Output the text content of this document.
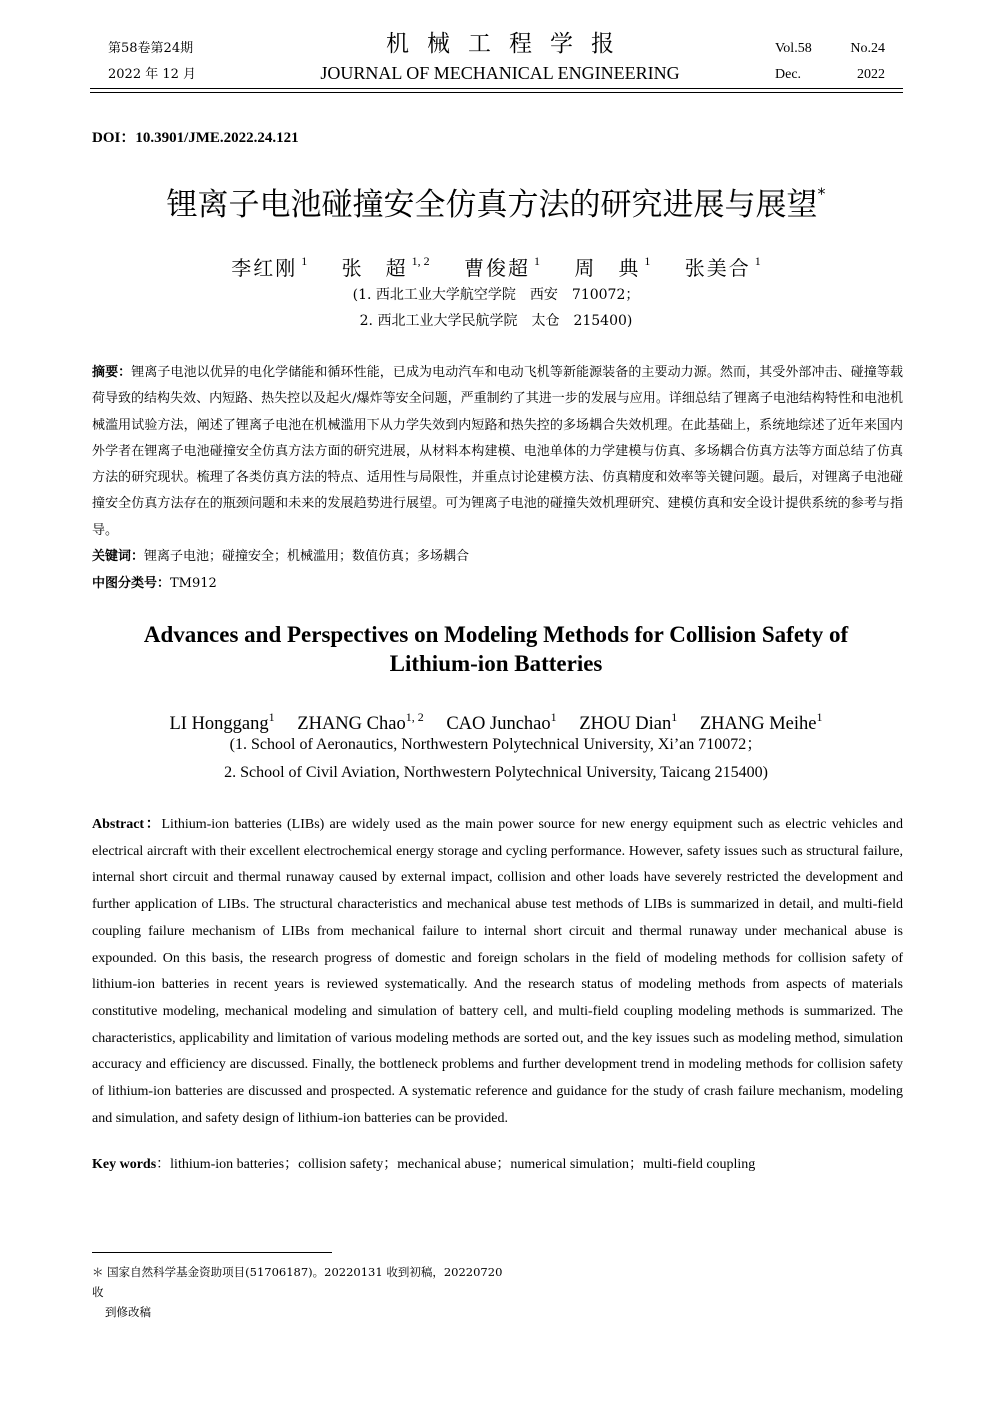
第58卷第24期
2022 年 12 月
机械工程学报
JOURNAL OF MECHANICAL ENGINEERING
Vol.58	No.24
Dec.	2022
DOI：10.3901/JME.2022.24.121
锂离子电池碰撞安全仿真方法的研究进展与展望*
李红刚 $^1$ 张　超 $^{1, 2}$ 曹俊超 $^1$ 周　典 $^1$ 张美合 $^1$
(1. 西北工业大学航空学院　西安　710072；
2. 西北工业大学民航学院　太仓　215400)
摘要：锂离子电池以优异的电化学储能和循环性能，已成为电动汽车和电动飞机等新能源装备的主要动力源。然而，其受外部冲击、碰撞等载荷导致的结构失效、内短路、热失控以及起火/爆炸等安全问题，严重制约了其进一步的发展与应用。详细总结了锂离子电池结构特性和电池机械滥用试验方法，阐述了锂离子电池在机械滥用下从力学失效到内短路和热失控的多场耦合失效机理。在此基础上，系统地综述了近年来国内外学者在锂离子电池碰撞安全仿真方法方面的研究进展，从材料本构建模、电池单体的力学建模与仿真、多场耦合仿真方法等方面总结了仿真方法的研究现状。梳理了各类仿真方法的特点、适用性与局限性，并重点讨论建模方法、仿真精度和效率等关键问题。最后，对锂离子电池碰撞安全仿真方法存在的瓶颈问题和未来的发展趋势进行展望。可为锂离子电池的碰撞失效机理研究、建模仿真和安全设计提供系统的参考与指导。
关键词：锂离子电池；碰撞安全；机械滥用；数值仿真；多场耦合
中图分类号：TM912
Advances and Perspectives on Modeling Methods for Collision Safety of
Lithium-ion Batteries
LI Honggang$^1$ ZHANG Chao$^{1, 2}$ CAO Junchao$^1$ ZHOU Dian$^1$ ZHANG Meihe$^1$
(1. School of Aeronautics, Northwestern Polytechnical University, Xi’an 710072；
2. School of Civil Aviation, Northwestern Polytechnical University, Taicang 215400)
Abstract：Lithium-ion batteries (LIBs) are widely used as the main power source for new energy equipment such as electric vehicles and electrical aircraft with their excellent electrochemical energy storage and cycling performance. However, safety issues such as structural failure, internal short circuit and thermal runaway caused by external impact, collision and other loads have severely restricted the development and further application of LIBs. The structural characteristics and mechanical abuse test methods of LIBs is summarized in detail, and multi-field coupling failure mechanism of LIBs from mechanical failure to internal short circuit and thermal runaway under mechanical abuse is expounded. On this basis, the research progress of domestic and foreign scholars in the field of modeling methods for collision safety of lithium-ion batteries in recent years is reviewed systematically. And the research status of modeling methods from aspects of materials constitutive modeling, mechanical modeling and simulation of battery cell, and multi-field coupling modeling methods is summarized. The characteristics, applicability and limitation of various modeling methods are sorted out, and the key issues such as modeling method, simulation accuracy and efficiency are discussed. Finally, the bottleneck problems and further development trend in modeling methods for collision safety of lithium-ion batteries are discussed and prospected. A systematic reference and guidance for the study of crash failure mechanism, modeling and simulation, and safety design of lithium-ion batteries can be provided.
Key words：lithium-ion batteries；collision safety；mechanical abuse；numerical simulation；multi-field coupling
＊ 国家自然科学基金资助项目(51706187)。20220131 收到初稿，20220720 收
到修改稿
